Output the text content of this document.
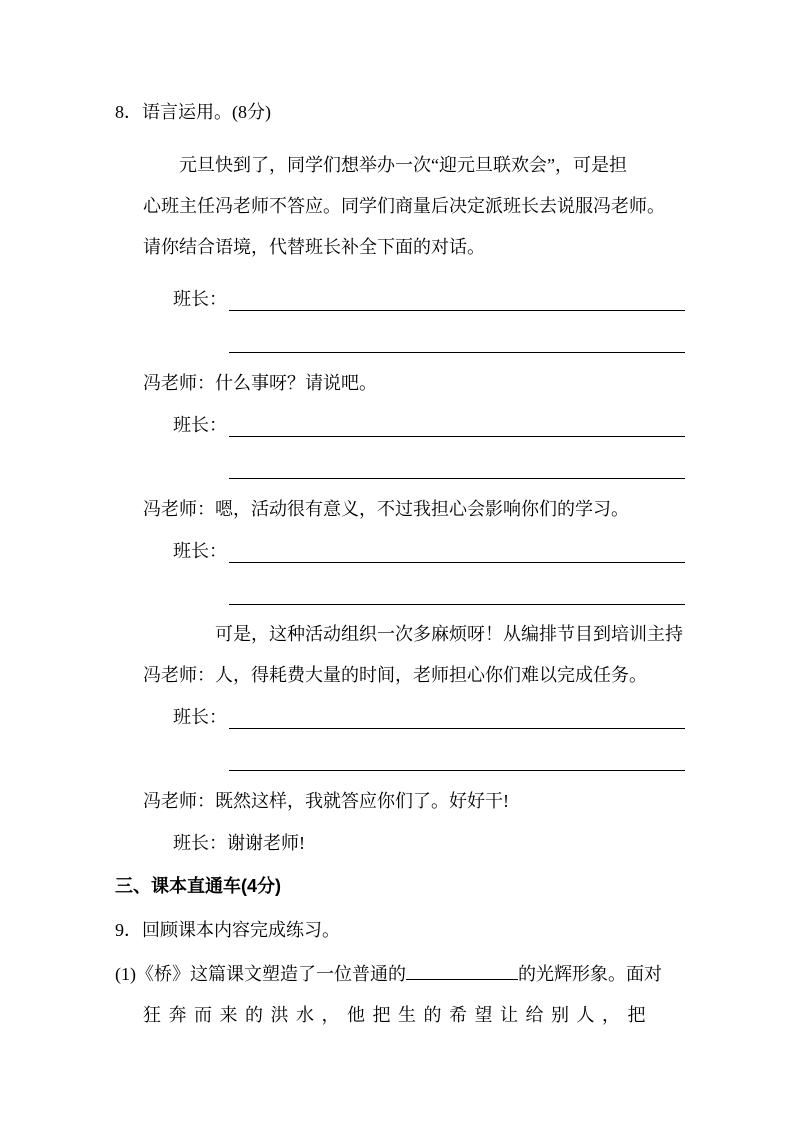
8．语言运用。(8分)
元旦快到了，同学们想举办一次“迎元旦联欢会”，可是担
心班主任冯老师不答应。同学们商量后决定派班长去说服冯老师。
请你结合语境，代替班长补全下面的对话。
班长：
冯老师： 什么事呀？请说吧。
班长：
冯老师： 嗯，活动很有意义，不过我担心会影响你们的学习。
班长：
冯老师：
可是，这种活动组织一次多麻烦呀！从编排节目到培训主持人，得耗费大量的时间，老师担心你们难以完成任务。
班长：
冯老师： 既然这样，我就答应你们了。好好干!
班长： 谢谢老师!
三、课本直通车(4分)
9．回顾课本内容完成练习。
(1)《桥》这篇课文塑造了一位普通的	的光辉形象。面对
狂奔而来的洪水，他把生的希望让给别人，把
